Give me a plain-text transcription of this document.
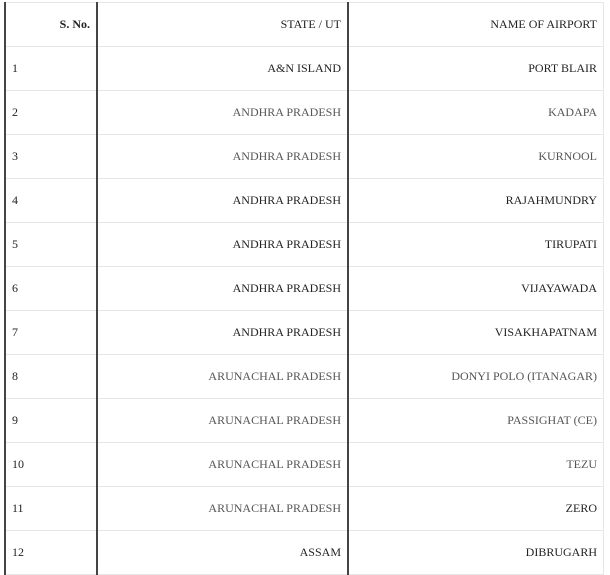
S. No.	STATE / UT	NAME OF AIRPORT
1	A&N ISLAND	PORT BLAIR
2	ANDHRA PRADESH	KADAPA
3	ANDHRA PRADESH	KURNOOL
4	ANDHRA PRADESH	RAJAHMUNDRY
5	ANDHRA PRADESH	TIRUPATI
6	ANDHRA PRADESH	VIJAYAWADA
7	ANDHRA PRADESH	VISAKHAPATNAM
8	ARUNACHAL PRADESH	DONYI POLO (ITANAGAR)
9	ARUNACHAL PRADESH	PASSIGHAT (CE)
10	ARUNACHAL PRADESH	TEZU
11	ARUNACHAL PRADESH	ZERO
12	ASSAM	DIBRUGARH
